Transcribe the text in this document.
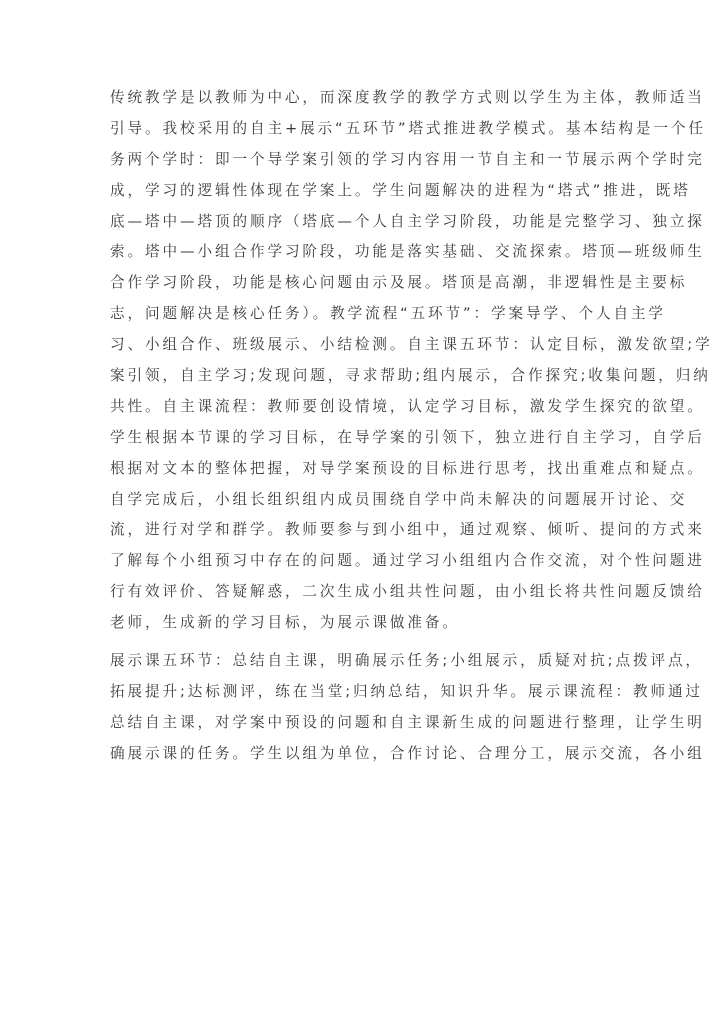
传统教学是以教师为中心，而深度教学的教学方式则以学生为主体，教师适当
引导。我校采用的自主+展示“五环节”塔式推进教学模式。基本结构是一个任
务两个学时：即一个导学案引领的学习内容用一节自主和一节展示两个学时完
成，学习的逻辑性体现在学案上。学生问题解决的进程为“塔式”推进，既塔
底—塔中—塔顶的顺序（塔底—个人自主学习阶段，功能是完整学习、独立探
索。塔中—小组合作学习阶段，功能是落实基础、交流探索。塔顶—班级师生
合作学习阶段，功能是核心问题由示及展。塔顶是高潮，非逻辑性是主要标
志，问题解决是核心任务）。教学流程“五环节”：学案导学、个人自主学
习、小组合作、班级展示、小结检测。自主课五环节：认定目标，激发欲望;学
案引领，自主学习;发现问题，寻求帮助;组内展示，合作探究;收集问题，归纳
共性。自主课流程：教师要创设情境，认定学习目标，激发学生探究的欲望。
学生根据本节课的学习目标，在导学案的引领下，独立进行自主学习，自学后
根据对文本的整体把握，对导学案预设的目标进行思考，找出重难点和疑点。
自学完成后，小组长组织组内成员围绕自学中尚未解决的问题展开讨论、交
流，进行对学和群学。教师要参与到小组中，通过观察、倾听、提问的方式来
了解每个小组预习中存在的问题。通过学习小组组内合作交流，对个性问题进
行有效评价、答疑解惑，二次生成小组共性问题，由小组长将共性问题反馈给
老师，生成新的学习目标，为展示课做准备。

展示课五环节：总结自主课，明确展示任务;小组展示，质疑对抗;点拨评点，
拓展提升;达标测评，练在当堂;归纳总结，知识升华。展示课流程：教师通过
总结自主课，对学案中预设的问题和自主课新生成的问题进行整理，让学生明
确展示课的任务。学生以组为单位，合作讨论、合理分工，展示交流，各小组
